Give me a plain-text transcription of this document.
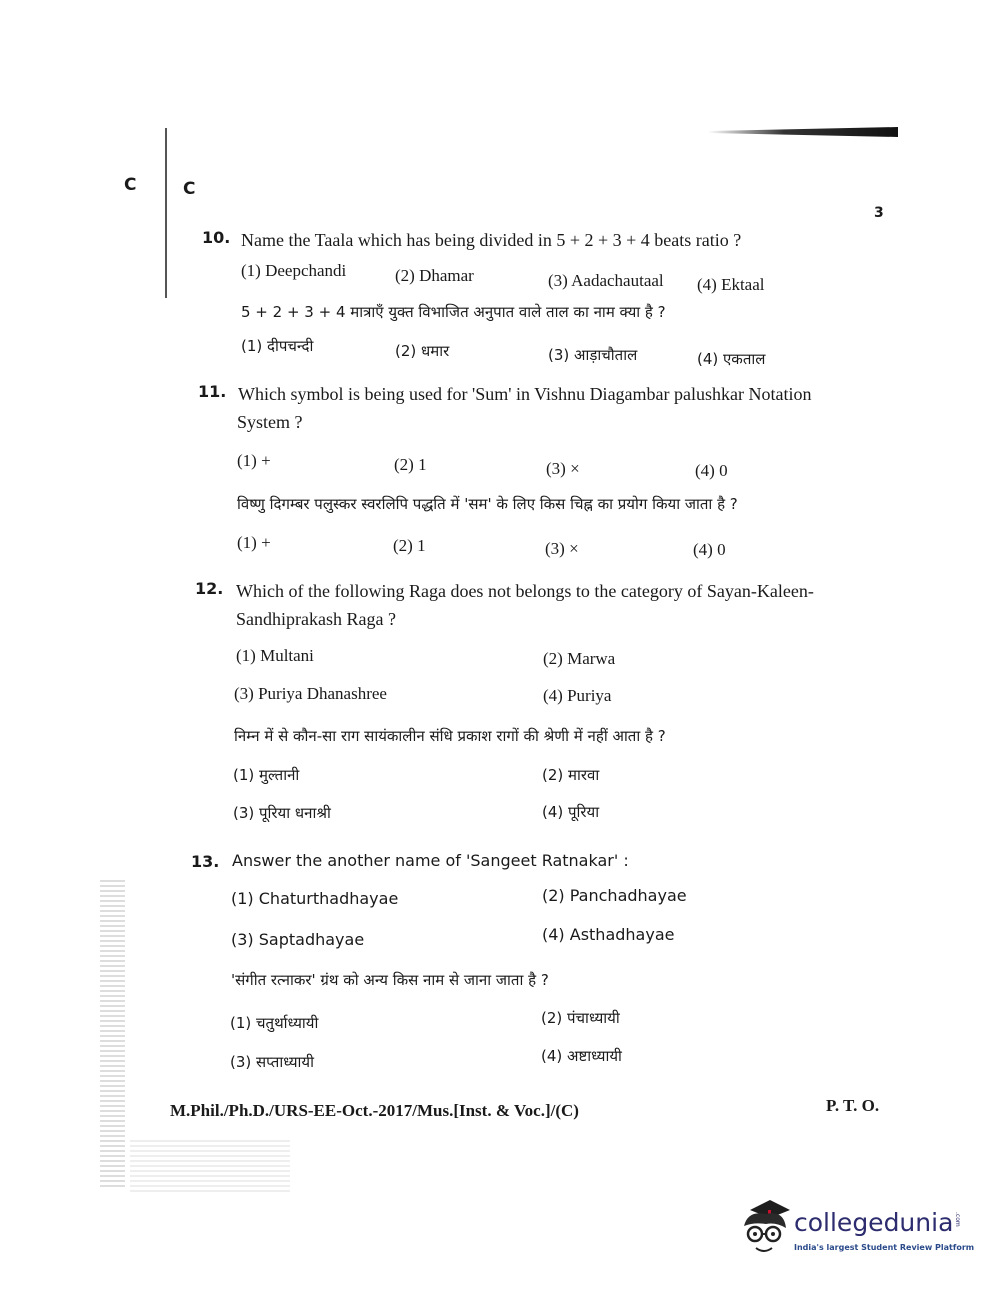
C	C
3
10. Name the Taala which has being divided in 5 + 2 + 3 + 4 beats ratio ?
(1) Deepchandi	(2) Dhamar	(3) Aadachautaal (4) Ektaal
5 + 2 + 3 + 4 मात्राएँ युक्त विभाजित अनुपात वाले ताल का नाम क्या है ?
(1) दीपचन्दी	(2) धमार	(3) आड़ाचौताल	(4) एकताल
11. Which symbol is being used for 'Sum' in Vishnu Diagambar palushkar Notation
System ?
(1) +	(2) 1	(3) ×	(4) 0
विष्णु दिगम्बर पलुस्कर स्वरलिपि पद्धति में 'सम' के लिए किस चिह्न का प्रयोग किया जाता है ?
(1) +	(2) 1	(3) ×	(4) 0
12. Which of the following Raga does not belongs to the category of Sayan-Kaleen-
Sandhiprakash Raga ?
(1) Multani	(2) Marwa
(3) Puriya Dhanashree	(4) Puriya
निम्न में से कौन-सा राग सायंकालीन संधि प्रकाश रागों की श्रेणी में नहीं आता है ?
(1) मुल्तानी	(2) मारवा
(3) पूरिया धनाश्री	(4) पूरिया
13. Answer the another name of 'Sangeet Ratnakar' :
(1) Chaturthadhayae	(2) Panchadhayae
(3) Saptadhayae	(4) Asthadhayae
'संगीत रत्नाकर' ग्रंथ को अन्य किस नाम से जाना जाता है ?
(1) चतुर्थाध्यायी	(2) पंचाध्यायी
(3) सप्ताध्यायी	(4) अष्टाध्यायी
M.Phil./Ph.D./URS-EE-Oct.-2017/Mus.[Inst. & Voc.]/(C)	P. T. O.
collegedunia .com
India's largest Student Review Platform
